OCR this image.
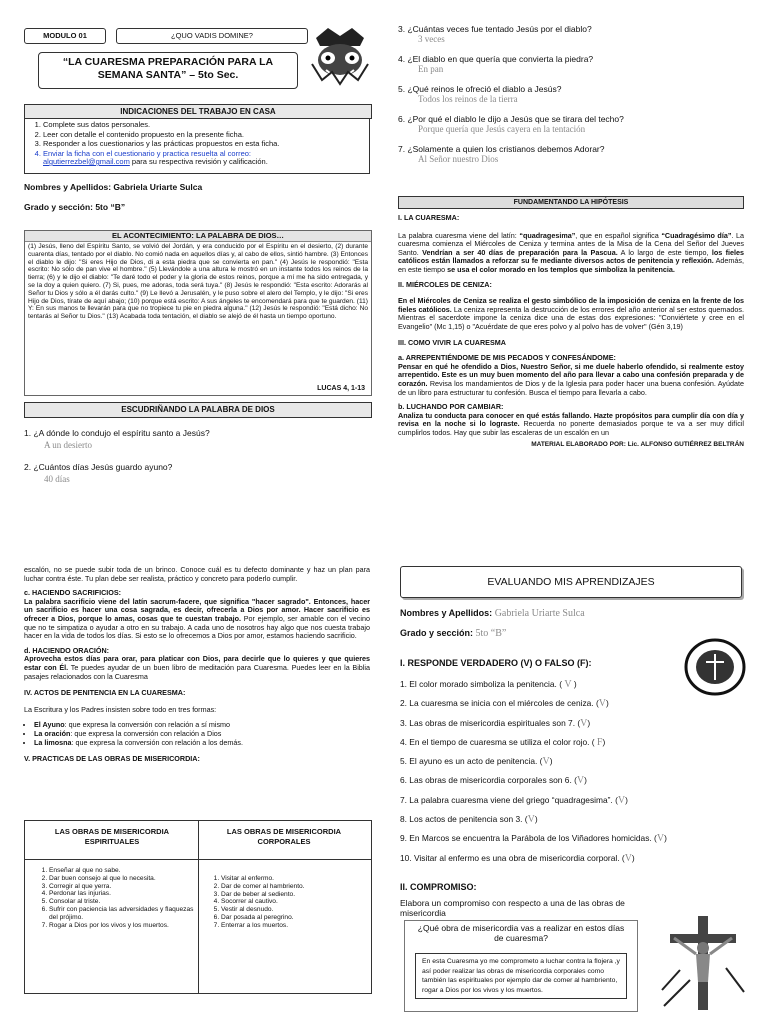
MODULO 01	¿QUO VADIS DOMINE?
“LA CUARESMA PREPARACIÓN PARA LA
SEMANA SANTA” – 5to Sec.
INDICACIONES DEL TRABAJO EN CASA
1. Complete sus datos personales.
2. Leer con detalle el contenido propuesto en la presente ficha.
3. Responder a los cuestionarios y las prácticas propuestos en esta ficha.
4. Enviar la ficha con el cuestionario y practica resuelta al correo:
algutierrezbel@gmail.com para su respectiva revisión y calificación.
Nombres y Apellidos: Gabriela Uriarte Sulca
Grado y sección: 5to “B”
EL ACONTECIMIENTO: LA PALABRA DE DIOS…
(1) Jesús, lleno del Espíritu Santo, se volvió del Jordán, y era conducido por el Espíritu en el desierto, (2) durante cuarenta días, tentado por el diablo. No comió nada en aquellos días y, al cabo de ellos, sintió hambre. (3) Entonces el diablo le dijo: "Si eres Hijo de Dios, di a esta piedra que se convierta en pan." (4) Jesús le respondió: "Esta escrito: No sólo de pan vive el hombre." (5) Llevándole a una altura le mostró en un instante todos los reinos de la tierra; (6) y le dijo el diablo: "Te daré todo el poder y la gloria de estos reinos, porque a mí me ha sido entregada, y se la doy a quien quiero. (7) Si, pues, me adoras, toda será tuya." (8) Jesús le respondió: "Esta escrito: Adorarás al Señor tu Dios y sólo a él darás culto." (9) Le llevó a Jerusalén, y le puso sobre el alero del Templo, y le dijo: "Si eres Hijo de Dios, tírate de aquí abajo; (10) porque está escrito: A sus ángeles te encomendará para que te guarden. (11) Y: En sus manos te llevarán para que no tropiece tu pie en piedra alguna." (12) Jesús le respondió: "Está dicho: No tentarás al Señor tu Dios." (13) Acabada toda tentación, el diablo se alejó de él hasta un tiempo oportuno.
LUCAS 4, 1-13
ESCUDRIÑANDO LA PALABRA DE DIOS
1. ¿A dónde lo condujo el espíritu santo a Jesús?
A un desierto
2. ¿Cuántos días Jesús guardo ayuno?
40 días
3. ¿Cuántas veces fue tentado Jesús por el diablo?
3 veces
4. ¿El diablo en que quería que convierta la piedra?
En pan
5. ¿Qué reinos le ofreció el diablo a Jesús?
Todos los reinos de la tierra
6. ¿Por qué el diablo le dijo a Jesús que se tirara del techo?
Porque quería que Jesús cayera en la tentación
7. ¿Solamente a quien los cristianos debemos Adorar?
Al Señor nuestro Dios
FUNDAMENTANDO LA HIPÓTESIS
I. LA CUARESMA:
La palabra cuaresma viene del latín: “quadragesima”, que en español significa “Cuadragésimo día”. La cuaresma comienza el Miércoles de Ceniza y termina antes de la Misa de la Cena del Señor del Jueves Santo. Vendrían a ser 40 días de preparación para la Pascua. A lo largo de este tiempo, los fieles católicos están llamados a reforzar su fe mediante diversos actos de penitencia y reflexión. Además, en este tiempo se usa el color morado en los templos que simboliza la penitencia.
II. MIÉRCOLES DE CENIZA:
En el Miércoles de Ceniza se realiza el gesto simbólico de la imposición de ceniza en la frente de los fieles católicos. La ceniza representa la destrucción de los errores del año anterior al ser estos quemados. Mientras el sacerdote impone la ceniza dice una de estas dos expresiones: "Conviértete y cree en el Evangelio" (Mc 1,15) o "Acuérdate de que eres polvo y al polvo has de volver" (Gén 3,19)
III. COMO VIVIR LA CUARESMA
a. ARREPENTIÉNDOME DE MIS PECADOS Y CONFESÁNDOME:
Pensar en qué he ofendido a Dios, Nuestro Señor, si me duele haberlo ofendido, si realmente estoy arrepentido. Este es un muy buen momento del año para llevar a cabo una confesión preparada y de corazón. Revisa los mandamientos de Dios y de la Iglesia para poder hacer una buena confesión. Ayúdate de un libro para estructurar tu confesión. Busca el tiempo para llevarla a cabo.
b. LUCHANDO POR CAMBIAR:
Analiza tu conducta para conocer en qué estás fallando. Hazte propósitos para cumplir día con día y revisa en la noche si lo lograste. Recuerda no ponerte demasiados porque te va a ser muy difícil cumplirlos todos. Hay que subir las escaleras de un escalón en un
MATERIAL ELABORADO POR: Lic. ALFONSO GUTIÉRREZ BELTRÁN
escalón, no se puede subir toda de un brinco. Conoce cuál es tu defecto dominante y haz un plan para luchar contra éste. Tu plan debe ser realista, práctico y concreto para poderlo cumplir.
c. HACIENDO SACRIFICIOS:
La palabra sacrificio viene del latín sacrum-facere, que significa "hacer sagrado". Entonces, hacer un sacrificio es hacer una cosa sagrada, es decir, ofrecerla a Dios por amor. Hacer sacrificio es ofrecer a Dios, porque lo amas, cosas que te cuestan trabajo. Por ejemplo, ser amable con el vecino que no te simpatiza o ayudar a otro en su trabajo. A cada uno de nosotros hay algo que nos cuesta trabajo hacer en la vida de todos los días. Si esto se lo ofrecemos a Dios por amor, estamos haciendo sacrificio.
d. HACIENDO ORACIÓN:
Aprovecha estos días para orar, para platicar con Dios, para decirle que lo quieres y que quieres estar con Él. Te puedes ayudar de un buen libro de meditación para Cuaresma. Puedes leer en la Biblia pasajes relacionados con la Cuaresma
IV. ACTOS DE PENITENCIA EN LA CUARESMA:
La Escritura y los Padres insisten sobre todo en tres formas:
• El Ayuno: que expresa la conversión con relación a sí mismo
• La oración: que expresa la conversión con relación a Dios
• La limosna: que expresa la conversión con relación a los demás.
V. PRACTICAS DE LAS OBRAS DE MISERICORDIA:
LAS OBRAS DE MISERICORDIA ESPIRITUALES
LAS OBRAS DE MISERICORDIA CORPORALES
1. Enseñar al que no sabe.
2. Dar buen consejo al que lo necesita.
3. Corregir al que yerra.
4. Perdonar las injurias.
5. Consolar al triste.
6. Sufrir con paciencia las adversidades y flaquezas del prójimo.
7. Rogar a Dios por los vivos y los muertos.
1. Visitar al enfermo.
2. Dar de comer al hambriento.
3. Dar de beber al sediento.
4. Socorrer al cautivo.
5. Vestir al desnudo.
6. Dar posada al peregrino.
7. Enterrar a los muertos.
EVALUANDO MIS APRENDIZAJES
Nombres y Apellidos: Gabriela Uriarte Sulca
Grado y sección: 5to “B”
I. RESPONDE VERDADERO (V) O FALSO (F):
1. El color morado simboliza la penitencia. ( V )
2. La cuaresma se inicia con el miércoles de ceniza. (V)
3. Las obras de misericordia espirituales son 7. (V)
4. En el tiempo de cuaresma se utiliza el color rojo. ( F)
5. El ayuno es un acto de penitencia. (V)
6. Las obras de misericordia corporales son 6. (V)
7. La palabra cuaresma viene del griego “quadragesima”. (V)
8. Los actos de penitencia son 3. (V)
9. En Marcos se encuentra la Parábola de los Viñadores homicidas. (V)
10. Visitar al enfermo es una obra de misericordia corporal. (V)
II. COMPROMISO:
Elabora un compromiso con respecto a una de las obras de misericordia
¿Qué obra de misericordia vas a realizar en estos días de cuaresma?
En esta Cuaresma yo me comprometo a luchar contra la flojera ,y así poder realizar las obras de misericordia corporales como también las espirituales por ejemplo dar de comer al hambriento, rogar a Dios por los vivos y los muertos.
